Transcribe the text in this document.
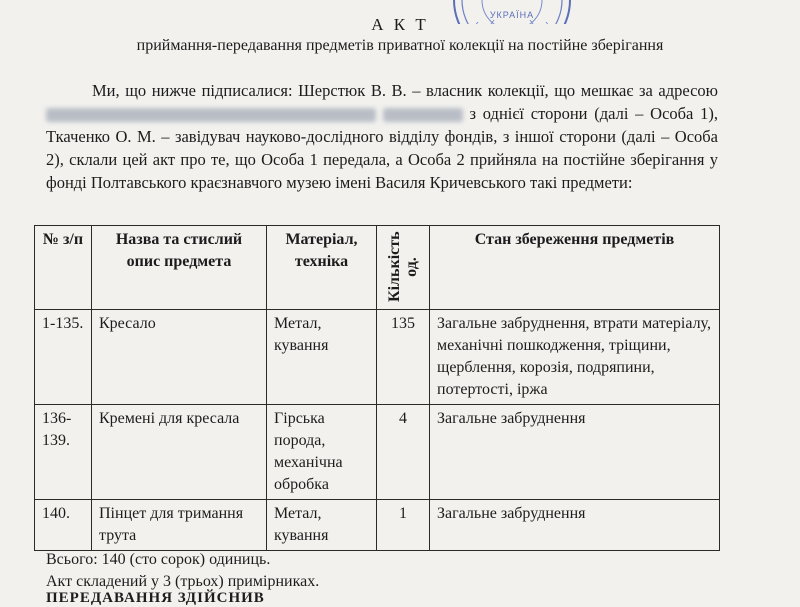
УКРАЇНА
А К Т
приймання-передавання предметів приватної колекції на постійне зберігання
Ми, що нижче підписалися: Шерстюк В. В. – власник колекції, що мешкає за адресою   з однієї сторони (далі – Особа 1), Ткаченко О. М. – завідувач науково-дослідного відділу фондів, з іншої сторони (далі – Особа 2), склали цей акт про те, що Особа 1 передала, а Особа 2 прийняла на постійне зберігання у фонді Полтавського краєзнавчого музею імені Василя Кричевського такі предмети:
№ з/п	Назва та стислий опис предмета	Матеріал, техніка	Кількість од.	Стан збереження предметів
1-135.	Кресало	Метал, кування	135	Загальне забруднення, втрати матеріалу, механічні пошкодження, тріщини, щерблення, корозія, подряпини, потертості, іржа
136-139.	Кремені для кресала	Гірська порода, механічна обробка	4	Загальне забруднення
140.	Пінцет для тримання трута	Метал, кування	1	Загальне забруднення
Всього: 140 (сто сорок) одиниць.
Акт складений у 3 (трьох) примірниках.
ПЕРЕДАВАННЯ ЗДІЙСНИВ
